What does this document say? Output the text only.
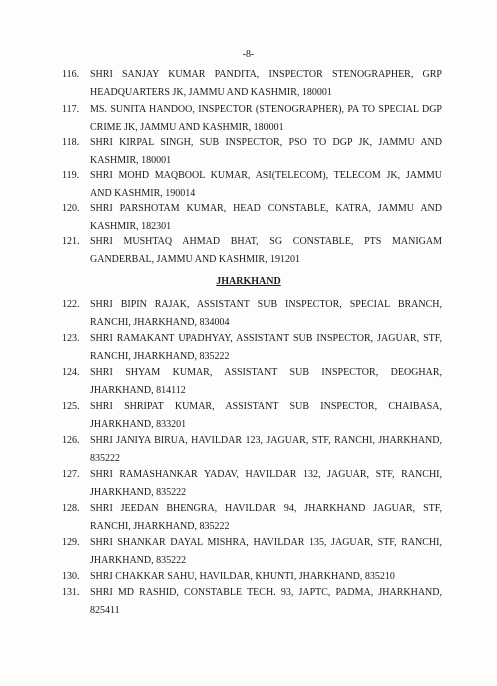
-8-
116.	SHRI SANJAY KUMAR PANDITA, INSPECTOR STENOGRAPHER, GRP
HEADQUARTERS JK, JAMMU AND KASHMIR, 180001
117.	MS. SUNITA HANDOO, INSPECTOR (STENOGRAPHER), PA TO SPECIAL DGP
CRIME JK, JAMMU AND KASHMIR, 180001
118.	SHRI KIRPAL SINGH, SUB INSPECTOR, PSO TO DGP JK, JAMMU AND
KASHMIR, 180001
119.	SHRI MOHD MAQBOOL KUMAR, ASI(TELECOM), TELECOM JK, JAMMU
AND KASHMIR, 190014
120.	SHRI PARSHOTAM KUMAR, HEAD CONSTABLE, KATRA, JAMMU AND
KASHMIR, 182301
121.	SHRI MUSHTAQ AHMAD BHAT, SG CONSTABLE, PTS MANIGAM
GANDERBAL, JAMMU AND KASHMIR, 191201
JHARKHAND
122.	SHRI BIPIN RAJAK, ASSISTANT SUB INSPECTOR, SPECIAL BRANCH,
RANCHI, JHARKHAND, 834004
123.	SHRI RAMAKANT UPADHYAY, ASSISTANT SUB INSPECTOR, JAGUAR, STF,
RANCHI, JHARKHAND, 835222
124.	SHRI SHYAM KUMAR, ASSISTANT SUB INSPECTOR, DEOGHAR,
JHARKHAND, 814112
125.	SHRI SHRIPAT KUMAR, ASSISTANT SUB INSPECTOR, CHAIBASA,
JHARKHAND, 833201
126.	SHRI JANIYA BIRUA, HAVILDAR 123, JAGUAR, STF, RANCHI, JHARKHAND,
835222
127.	SHRI RAMASHANKAR YADAV, HAVILDAR 132, JAGUAR, STF, RANCHI,
JHARKHAND, 835222
128.	SHRI JEEDAN BHENGRA, HAVILDAR 94, JHARKHAND JAGUAR, STF,
RANCHI, JHARKHAND, 835222
129.	SHRI SHANKAR DAYAL MISHRA, HAVILDAR 135, JAGUAR, STF, RANCHI,
JHARKHAND, 835222
130.	SHRI CHAKKAR SAHU, HAVILDAR, KHUNTI, JHARKHAND, 835210
131.	SHRI MD RASHID, CONSTABLE TECH. 93, JAPTC, PADMA, JHARKHAND,
825411
